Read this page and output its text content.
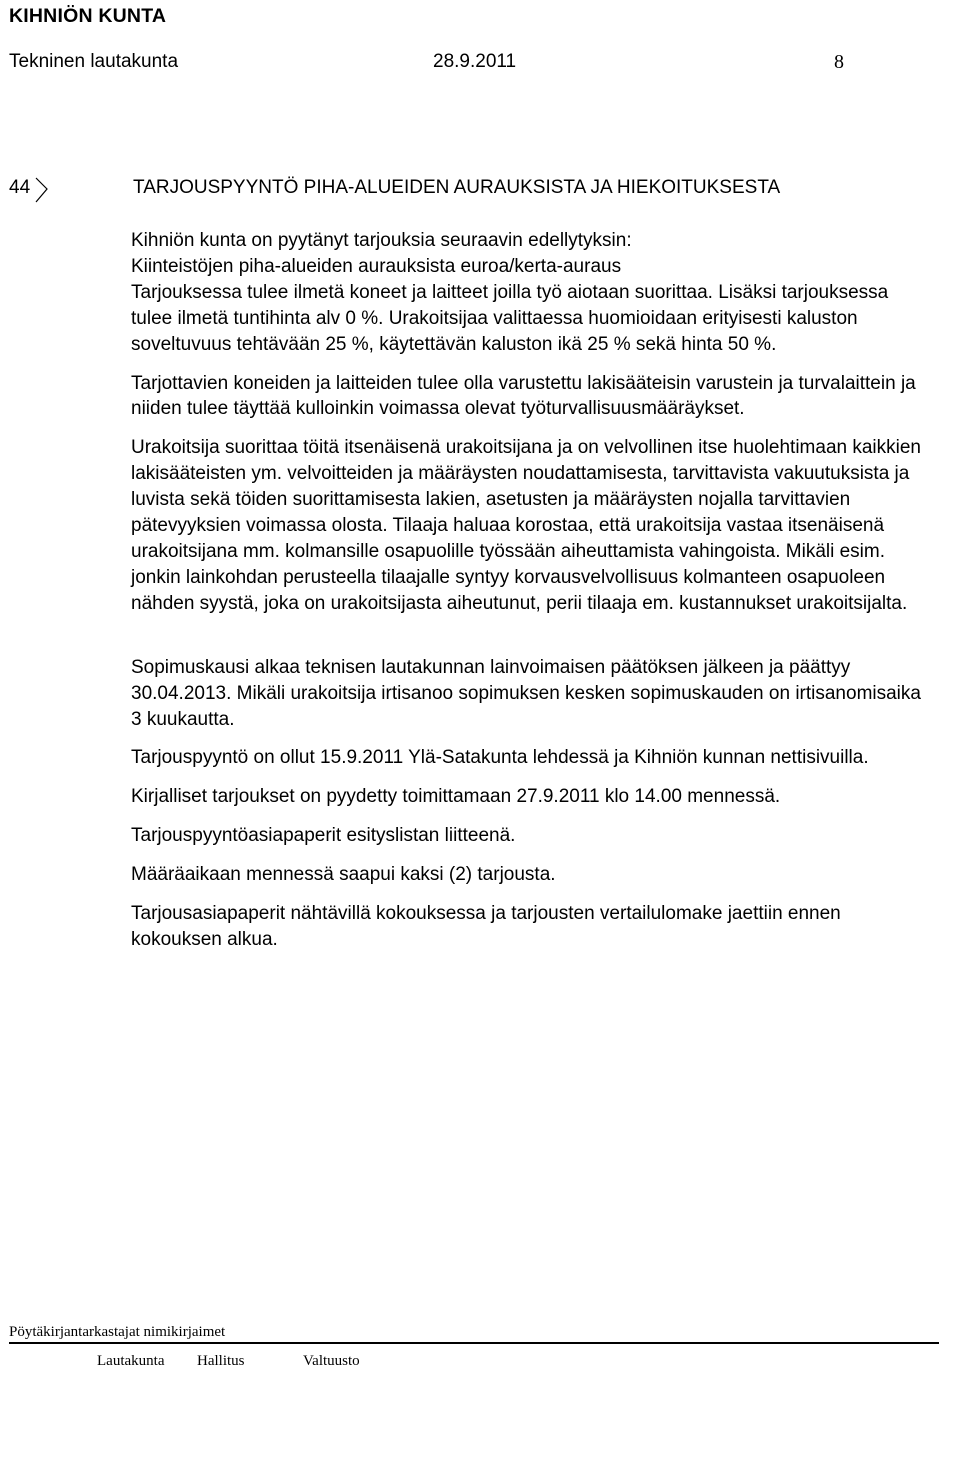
KIHNIÖN KUNTA
Tekninen lautakunta	28.9.2011	8
44	TARJOUSPYYNTÖ PIHA-ALUEIDEN AURAUKSISTA JA HIEKOITUKSESTA

Kihniön kunta on pyytänyt tarjouksia seuraavin edellytyksin:

Kiinteistöjen piha-alueiden aurauksista euroa/kerta-auraus

Tarjouksessa tulee ilmetä koneet ja laitteet joilla työ aiotaan suorittaa. Lisäksi tarjouksessa tulee ilmetä tuntihinta alv 0 %. Urakoitsijaa valittaessa huomioidaan erityisesti kaluston soveltuvuus tehtävään 25 %, käytettävän kaluston ikä 25 % sekä hinta 50 %.

Tarjottavien koneiden ja laitteiden tulee olla varustettu lakisääteisin varustein ja turvalaittein ja niiden tulee täyttää kulloinkin voimassa olevat työturvallisuusmääräykset.

Urakoitsija suorittaa töitä itsenäisenä urakoitsijana ja on velvollinen itse huolehtimaan kaikkien lakisääteisten ym. velvoitteiden ja määräysten noudattamisesta, tarvittavista vakuutuksista ja luvista sekä töiden suorittamisesta lakien, asetusten ja määräysten nojalla tarvittavien pätevyyksien voimassa olosta. Tilaaja haluaa korostaa, että urakoitsija vastaa itsenäisenä urakoitsijana mm. kolmansille osapuolille työssään aiheuttamista vahingoista. Mikäli esim. jonkin lainkohdan perusteella tilaajalle syntyy korvausvelvollisuus kolmanteen osapuoleen nähden syystä, joka on urakoitsijasta aiheutunut, perii tilaaja em. kustannukset urakoitsijalta.

Sopimuskausi alkaa teknisen lautakunnan lainvoimaisen päätöksen jälkeen ja päättyy 30.04.2013. Mikäli urakoitsija irtisanoo sopimuksen kesken sopimuskauden on irtisanomisaika 3 kuukautta.

Tarjouspyyntö on ollut 15.9.2011 Ylä-Satakunta lehdessä ja Kihniön kunnan nettisivuilla.

Kirjalliset tarjoukset on pyydetty toimittamaan 27.9.2011 klo 14.00 mennessä.

Tarjouspyyntöasiapaperit esityslistan liitteenä.

Määräaikaan mennessä saapui kaksi (2) tarjousta.

Tarjousasiapaperit nähtävillä kokouksessa ja tarjousten vertailulomake jaettiin ennen kokouksen alkua.

Pöytäkirjantarkastajat nimikirjaimet
Lautakunta Hallitus	Valtuusto
